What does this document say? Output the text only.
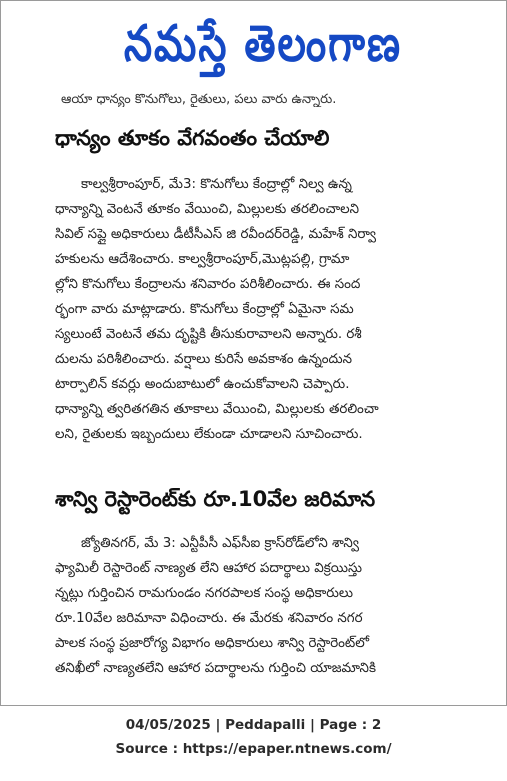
నమస్తే తెలంగాణ
ఆయా ధాన్యం కొనుగోలు, రైతులు, పలు వారు ఉన్నారు.
ధాన్యం తూకం వేగవంతం చేయాలి
కాల్వశ్రీరాంపూర్, మే3: కొనుగోలు కేంద్రాల్లో నిల్వ ఉన్న
ధాన్యాన్ని వెంటనే తూకం వేయించి, మిల్లులకు తరలించాలని
సివిల్ సప్లై అధికారులు డీటీసీఎస్ జి రవీందర్‌రెడ్డి, మహేశ్ నిర్వా
హకులను ఆదేశించారు. కాల్వశ్రీరాంపూర్,మొట్లపల్లి, గ్రామా
ల్లోని కొనుగోలు కేంద్రాలను శనివారం పరిశీలించారు. ఈ సంద
ర్భంగా వారు మాట్లాడారు. కొనుగోలు కేంద్రాల్లో ఏమైనా సమ
స్యలుంటే వెంటనే తమ దృష్టికి తీసుకురావాలని అన్నారు. రశీ
దులను పరిశీలించారు. వర్షాలు కురిసే అవకాశం ఉన్నందున
టార్పాలిన్ కవర్లు అందుబాటులో ఉంచుకోవాలని చెప్పారు.
ధాన్యాన్ని త్వరితగతిన తూకాలు వేయించి, మిల్లులకు తరలించా
లని, రైతులకు ఇబ్బందులు లేకుండా చూడాలని సూచించారు.
శాన్వి రెస్టారెంట్‌కు రూ.10వేల జరిమాన
జ్యోతినగర్, మే 3: ఎన్టీపీసీ ఎఫ్‌సీఐ క్రాస్‌రోడ్‌లోని శాన్వి
ఫ్యామిలీ రెస్టారెంట్ నాణ్యత లేని ఆహార పదార్థాలు విక్రయిస్తు
న్నట్లు గుర్తించిన రామగుండం నగరపాలక సంస్థ అధికారులు
రూ.10వేల జరిమానా విధించారు. ఈ మేరకు శనివారం నగర
పాలక సంస్థ ప్రజారోగ్య విభాగం అధికారులు శాన్వి రెస్టారెంట్‌లో
తనిఖీలో నాణ్యతలేని ఆహార పదార్థాలను గుర్తించి యాజమానికి
04/05/2025 | Peddapalli | Page : 2
Source : https://epaper.ntnews.com/
